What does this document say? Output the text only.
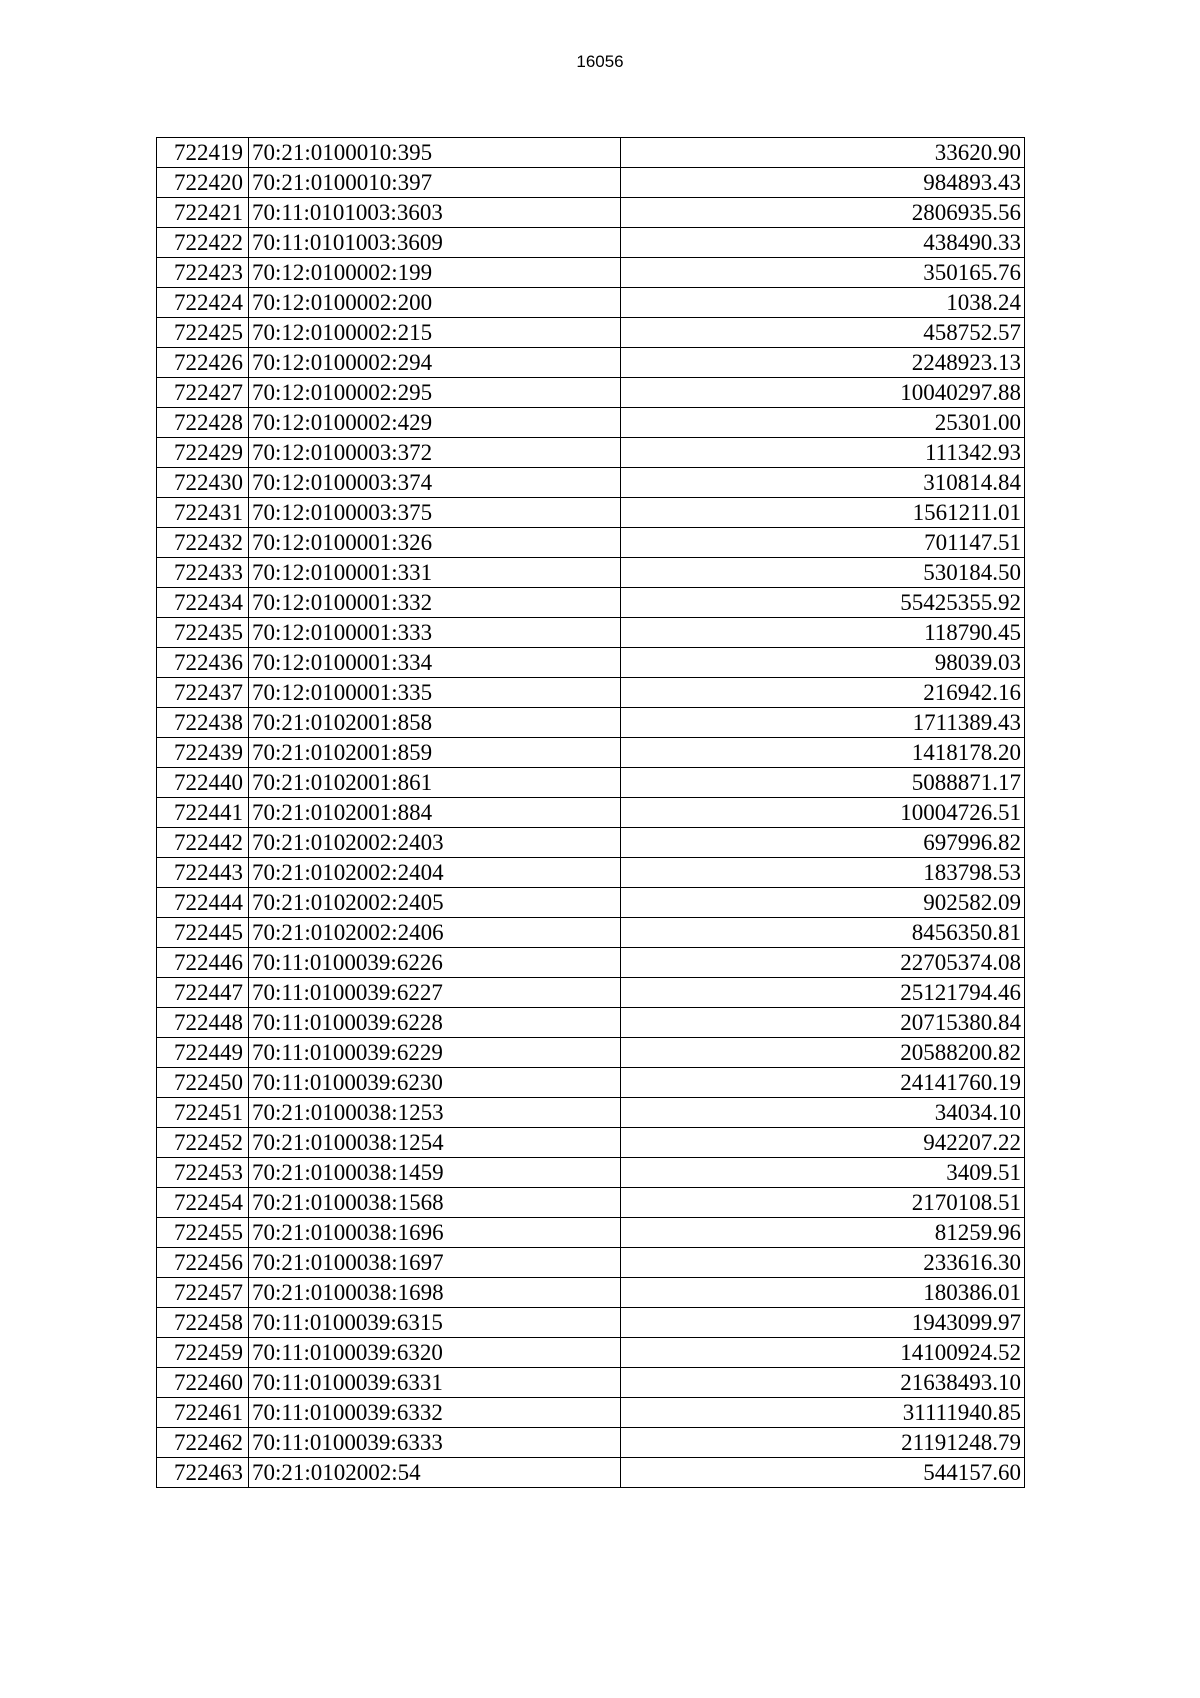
16056
722419	70:21:0100010:395	33620.90
722420	70:21:0100010:397	984893.43
722421	70:11:0101003:3603	2806935.56
722422	70:11:0101003:3609	438490.33
722423	70:12:0100002:199	350165.76
722424	70:12:0100002:200	1038.24
722425	70:12:0100002:215	458752.57
722426	70:12:0100002:294	2248923.13
722427	70:12:0100002:295	10040297.88
722428	70:12:0100002:429	25301.00
722429	70:12:0100003:372	111342.93
722430	70:12:0100003:374	310814.84
722431	70:12:0100003:375	1561211.01
722432	70:12:0100001:326	701147.51
722433	70:12:0100001:331	530184.50
722434	70:12:0100001:332	55425355.92
722435	70:12:0100001:333	118790.45
722436	70:12:0100001:334	98039.03
722437	70:12:0100001:335	216942.16
722438	70:21:0102001:858	1711389.43
722439	70:21:0102001:859	1418178.20
722440	70:21:0102001:861	5088871.17
722441	70:21:0102001:884	10004726.51
722442	70:21:0102002:2403	697996.82
722443	70:21:0102002:2404	183798.53
722444	70:21:0102002:2405	902582.09
722445	70:21:0102002:2406	8456350.81
722446	70:11:0100039:6226	22705374.08
722447	70:11:0100039:6227	25121794.46
722448	70:11:0100039:6228	20715380.84
722449	70:11:0100039:6229	20588200.82
722450	70:11:0100039:6230	24141760.19
722451	70:21:0100038:1253	34034.10
722452	70:21:0100038:1254	942207.22
722453	70:21:0100038:1459	3409.51
722454	70:21:0100038:1568	2170108.51
722455	70:21:0100038:1696	81259.96
722456	70:21:0100038:1697	233616.30
722457	70:21:0100038:1698	180386.01
722458	70:11:0100039:6315	1943099.97
722459	70:11:0100039:6320	14100924.52
722460	70:11:0100039:6331	21638493.10
722461	70:11:0100039:6332	31111940.85
722462	70:11:0100039:6333	21191248.79
722463	70:21:0102002:54	544157.60
